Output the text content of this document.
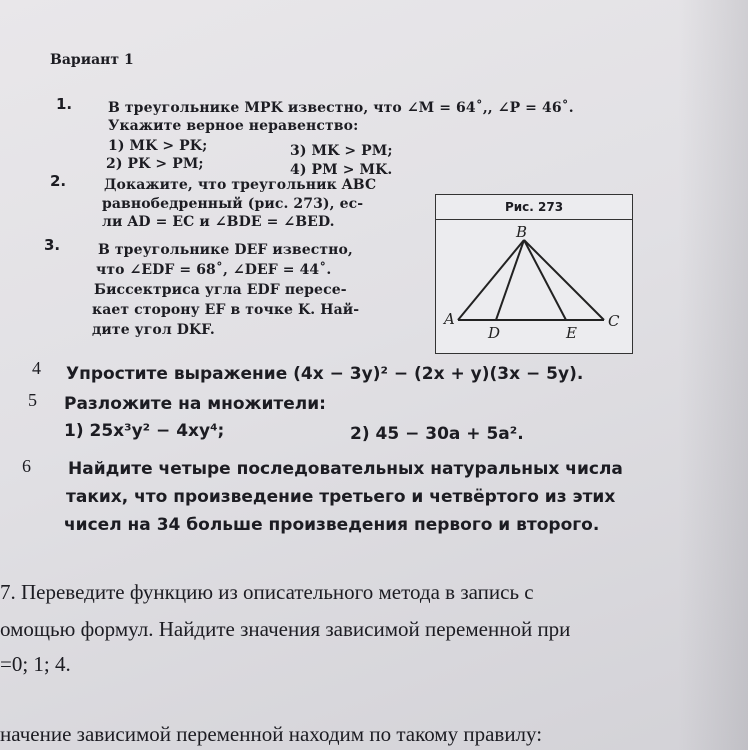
Вариант 1
1.	В треугольнике MPK известно, что ∠M = 64˚,, ∠P = 46˚.
Укажите верное неравенство:
1) MK > PK;	3) MK > PM;
2) PK > PM;	4) PM > MK.
2.	Докажите, что треугольник ABC
равнобедренный (рис. 273), ес-
ли AD = EC и ∠BDE = ∠BED.
3.	В треугольнике DEF известно,
что ∠EDF = 68˚, ∠DEF = 44˚.
Биссектриса угла EDF пересе-
кает сторону EF в точке K. Най-
дите угол DKF.
Рис. 273
B
A	C
D	E
4 Упростите выражение (4x − 3y)² − (2x + y)(3x − 5y).
5 Разложите на множители:
1) 25x³y² − 4xy⁴;	2) 45 − 30a + 5a².
6 Найдите четыре последовательных натуральных числа
таких, что произведение третьего и четвёртого из этих
чисел на 34 больше произведения первого и второго.
7. Переведите функцию из описательного метода в запись с
омощью формул. Найдите значения зависимой переменной при
=0; 1; 4.
начение зависимой переменной находим по такому правилу:
